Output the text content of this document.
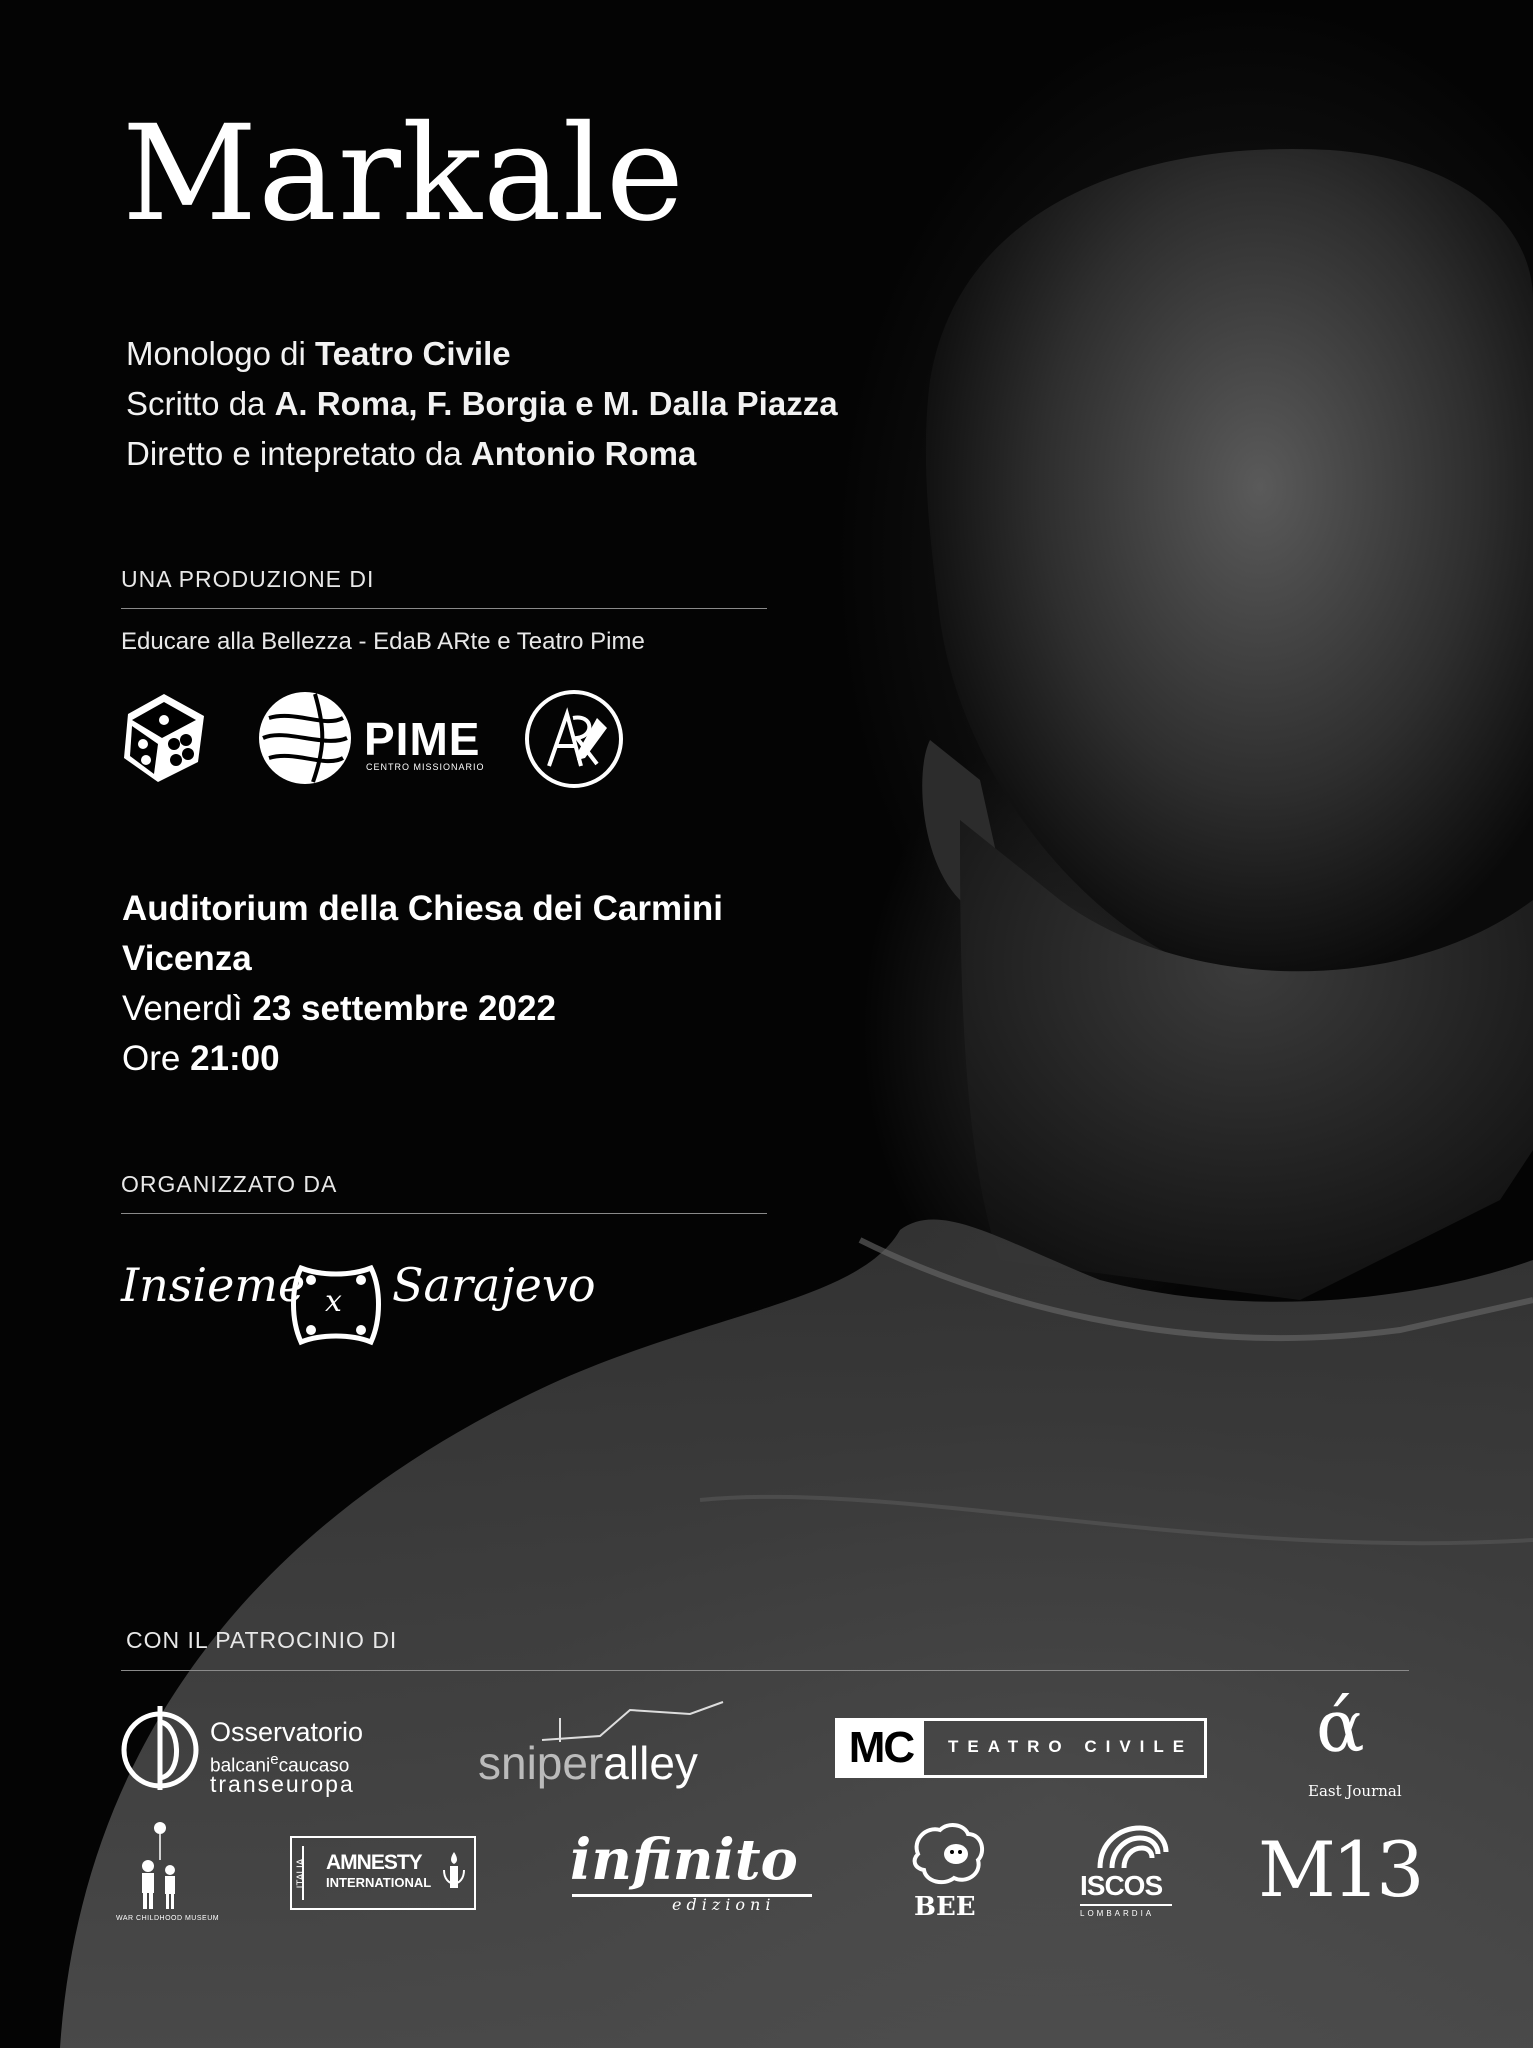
Markale
Monologo di Teatro Civile
Scritto da A. Roma, F. Borgia e M. Dalla Piazza
Diretto e intepretato da Antonio Roma
UNA PRODUZIONE DI
Educare alla Bellezza - EdaB ARte e Teatro Pime
PIME
CENTRO MISSIONARIO
Auditorium della Chiesa dei Carmini
Vicenza
Venerdì 23 settembre 2022
Ore 21:00
ORGANIZZATO DA
Insieme x Sarajevo
CON IL PATROCINIO DI
Osservatorio
balcani$^e$caucaso
transeuropa	sniperalley	MC	TEATRO CIVILE ά
East Journal
WAR CHILDHOOD MUSEUM
ITALIA AMNESTY
INTERNATIONAL infinito
edizioni	BEE
ISCOS
LOMBARDIA M13
